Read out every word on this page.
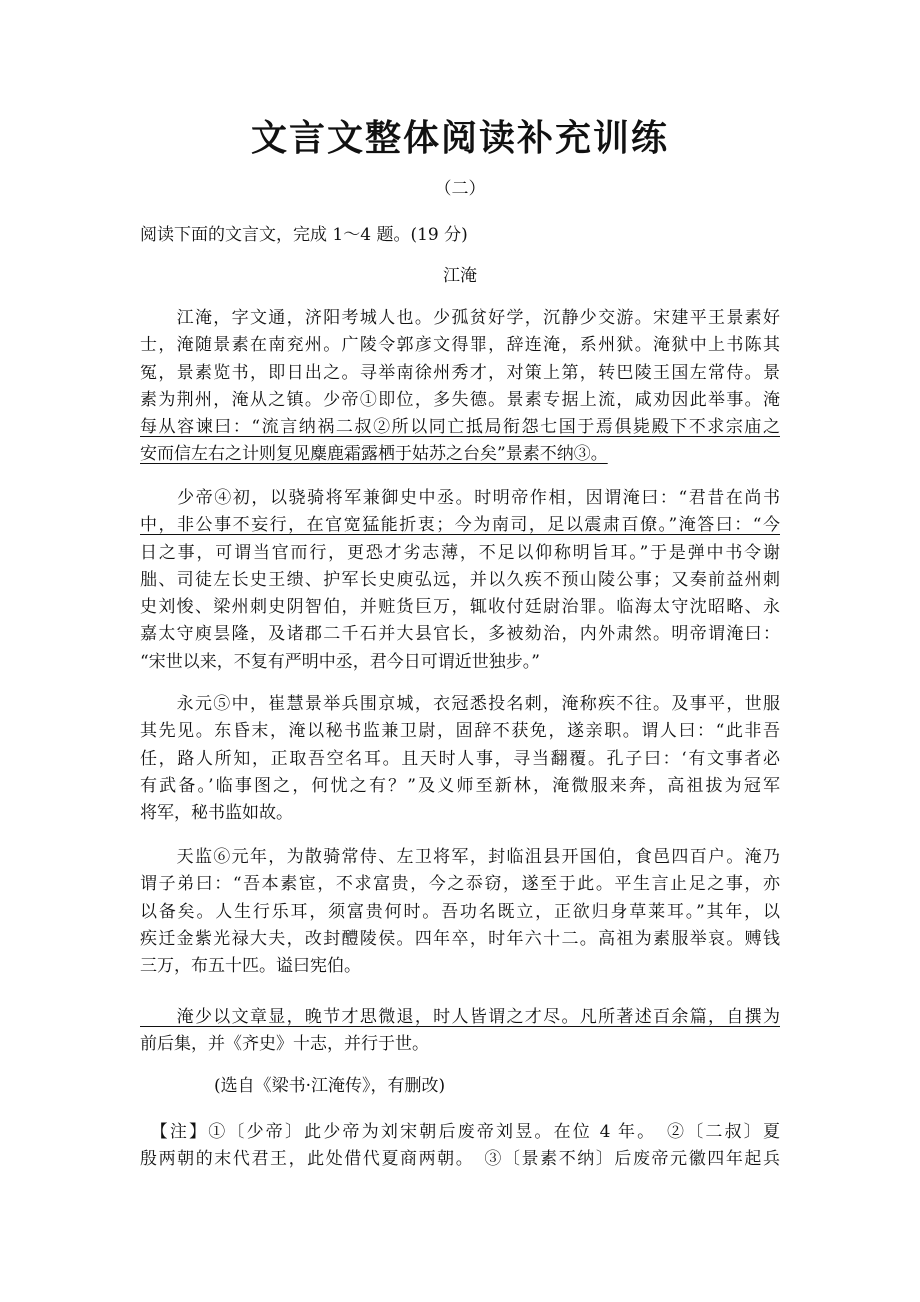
文言文整体阅读补充训练
（二）
阅读下面的文言文，完成 1～4 题。(19 分)
江淹
　　江淹，字文通，济阳考城人也。少孤贫好学，沉静少交游。宋建平王景素好
士，淹随景素在南兖州。广陵令郭彦文得罪，辞连淹，系州狱。淹狱中上书陈其
冤，景素览书，即日出之。寻举南徐州秀才，对策上第，转巴陵王国左常侍。景
素为荆州，淹从之镇。少帝①即位，多失德。景素专据上流，咸劝因此举事。淹
每从容谏曰：“流言纳祸二叔②所以同亡抵局衔怨七国于焉俱毙殿下不求宗庙之
安而信左右之计则复见麋鹿霜露栖于姑苏之台矣”景素不纳③。
　　少帝④初，以骁骑将军兼御史中丞。时明帝作相，因谓淹曰：“君昔在尚书
中，非公事不妄行，在官宽猛能折衷；今为南司，足以震肃百僚。”淹答曰：“今
日之事，可谓当官而行，更恐才劣志薄，不足以仰称明旨耳。”于是弹中书令谢
朏、司徒左长史王缋、护军长史庾弘远，并以久疾不预山陵公事；又奏前益州刺
史刘悛、梁州刺史阴智伯，并赃货巨万，辄收付廷尉治罪。临海太守沈昭略、永
嘉太守庾昙隆，及诸郡二千石并大县官长，多被劾治，内外肃然。明帝谓淹曰：
“宋世以来，不复有严明中丞，君今日可谓近世独步。”
　　永元⑤中，崔慧景举兵围京城，衣冠悉投名刺，淹称疾不往。及事平，世服
其先见。东昏末，淹以秘书监兼卫尉，固辞不获免，遂亲职。谓人曰：“此非吾
任，路人所知，正取吾空名耳。且天时人事，寻当翻覆。孔子曰：‘有文事者必
有武备。’临事图之，何忧之有？”及义师至新林，淹微服来奔，高祖拔为冠军
将军，秘书监如故。
　　天监⑥元年，为散骑常侍、左卫将军，封临沮县开国伯，食邑四百户。淹乃
谓子弟曰：“吾本素宦，不求富贵，今之忝窃，遂至于此。平生言止足之事，亦
以备矣。人生行乐耳，须富贵何时。吾功名既立，正欲归身草莱耳。”其年，以
疾迁金紫光禄大夫，改封醴陵侯。四年卒，时年六十二。高祖为素服举哀。赙钱
三万，布五十匹。谥曰宪伯。
　　淹少以文章显，晚节才思微退，时人皆谓之才尽。凡所著述百余篇，自撰为
前后集，并《齐史》十志，并行于世。
(选自《梁书·江淹传》，有删改)
　【注】①〔少帝〕此少帝为刘宋朝后废帝刘昱。在位 4 年。　②〔二叔〕夏
殷两朝的末代君王，此处借代夏商两朝。　③〔景素不纳〕后废帝元徽四年起兵
